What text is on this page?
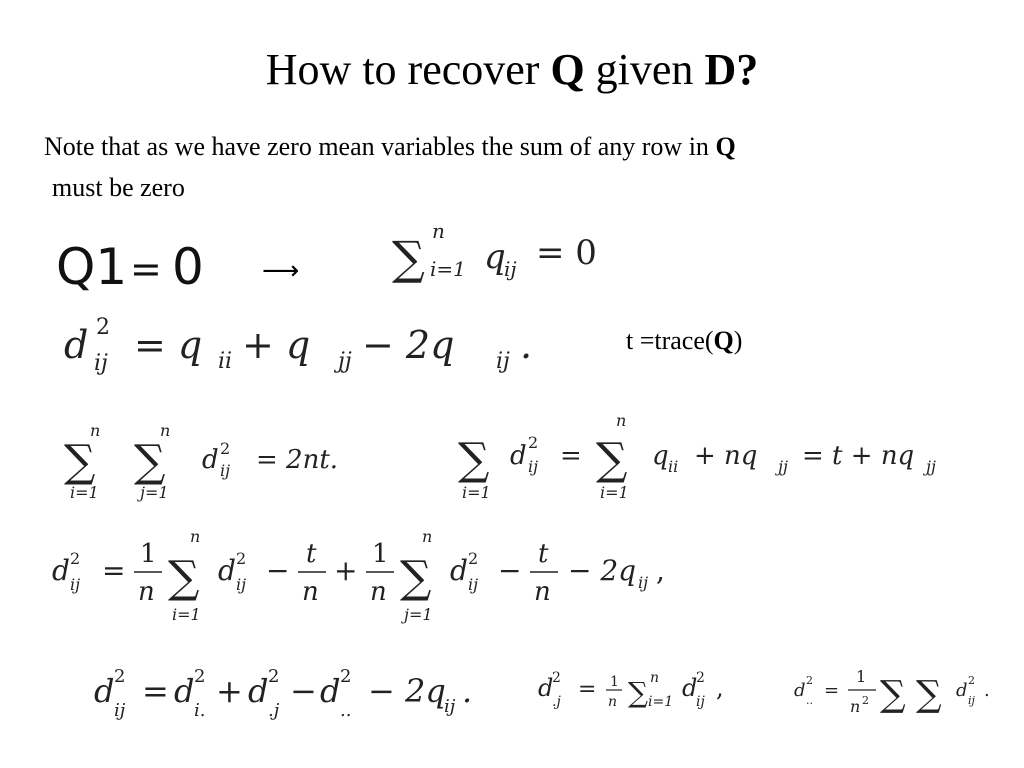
How to recover Q given D?
Note that as we have zero mean variables the sum of any row in Q
must be zero
Q1 = 0 ⟶ ∑ n
i=1 q
ij = 0
d 2
ij = q ii + q jj − 2q ij .	t =trace(Q)
n
∑
i=1
n
∑
j=1
d 2
ij = 2nt.	∑
i=1
d 2
ij =
n
∑
i=1
q ii + nq jj = t + nq jj
d 2
ij = 1
n
n
∑
i=1
d 2
ij − t
n
+ 1
n
n
∑
j=1
d 2
ij − t
n
− 2q ij ,
d 2
ij
= d 2
i.
+ d 2
.j
− d 2
..
− 2q
ij .	d
2
.j = 1
n ∑ n
i=1 d
2
ij ,	d 2
.. =
1
n 2 ∑ ∑ d 2
ij .
